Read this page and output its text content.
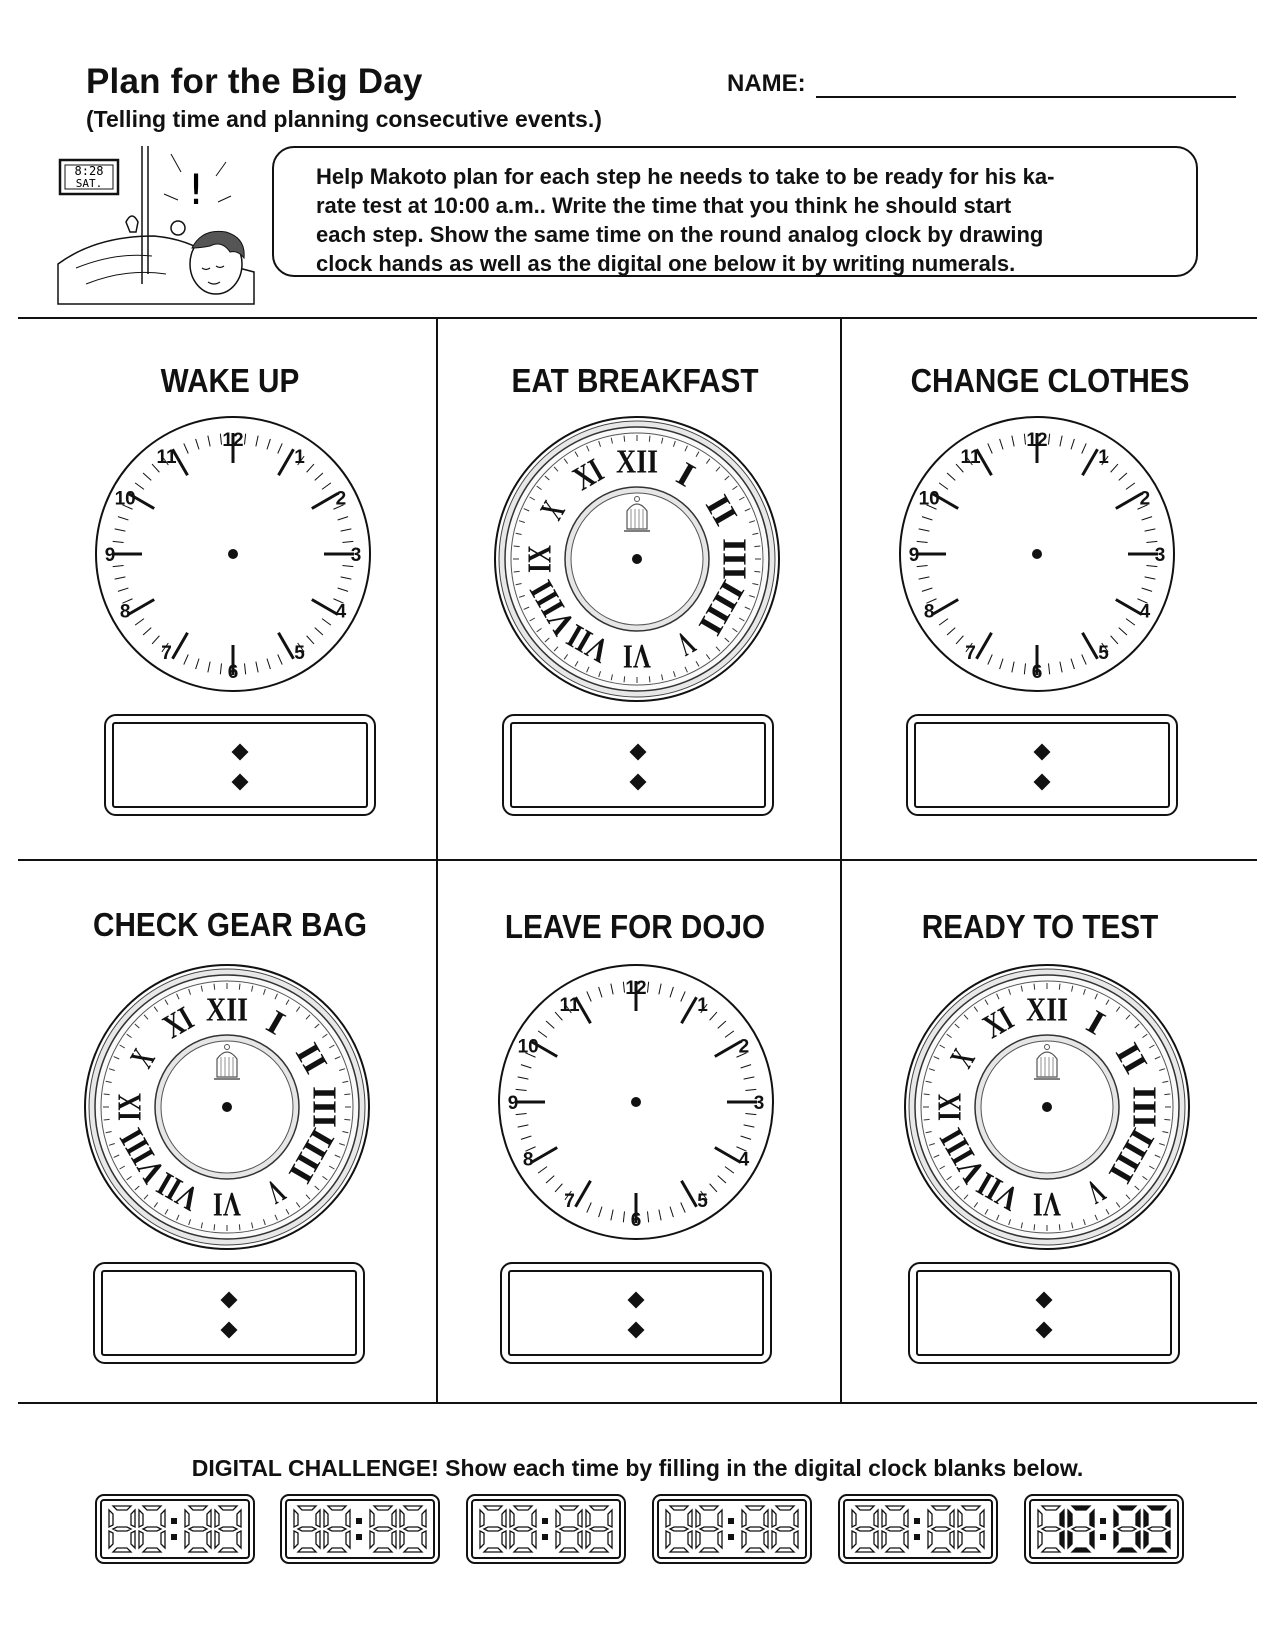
Plan for the Big Day
(Telling time and planning consecutive events.)
NAME:
8:28
SAT. !	Help Makoto plan for each step he needs to take to be ready for his ka-
rate test at 10:00 a.m.. Write the time that you think he should start
each step. Show the same time on the round analog clock by drawing
clock hands as well as the digital one below it by writing numerals.
WAKE UP	EAT BREAKFAST	CHANGE CLOTHES
CHECK GEAR BAG	LEAVE FOR DOJO	READY TO TEST
12
1
2
3
4
5
6
7
8
9
10
11	XII I
II
III
IIII
V
VI
VII
VIII
IX
X
XI
12
1
2
3
4
5
6
7
8
9
10
11
XII I
II
III
IIII
V
VI
VII
VIII
IX
X
XI
12
1
2
3
4
5
6
7
8
9
10
11	XII I
II
III
IIII
V
VI
VII
VIII
IX
X
XI
DIGITAL CHALLENGE! Show each time by filling in the digital clock blanks below.
